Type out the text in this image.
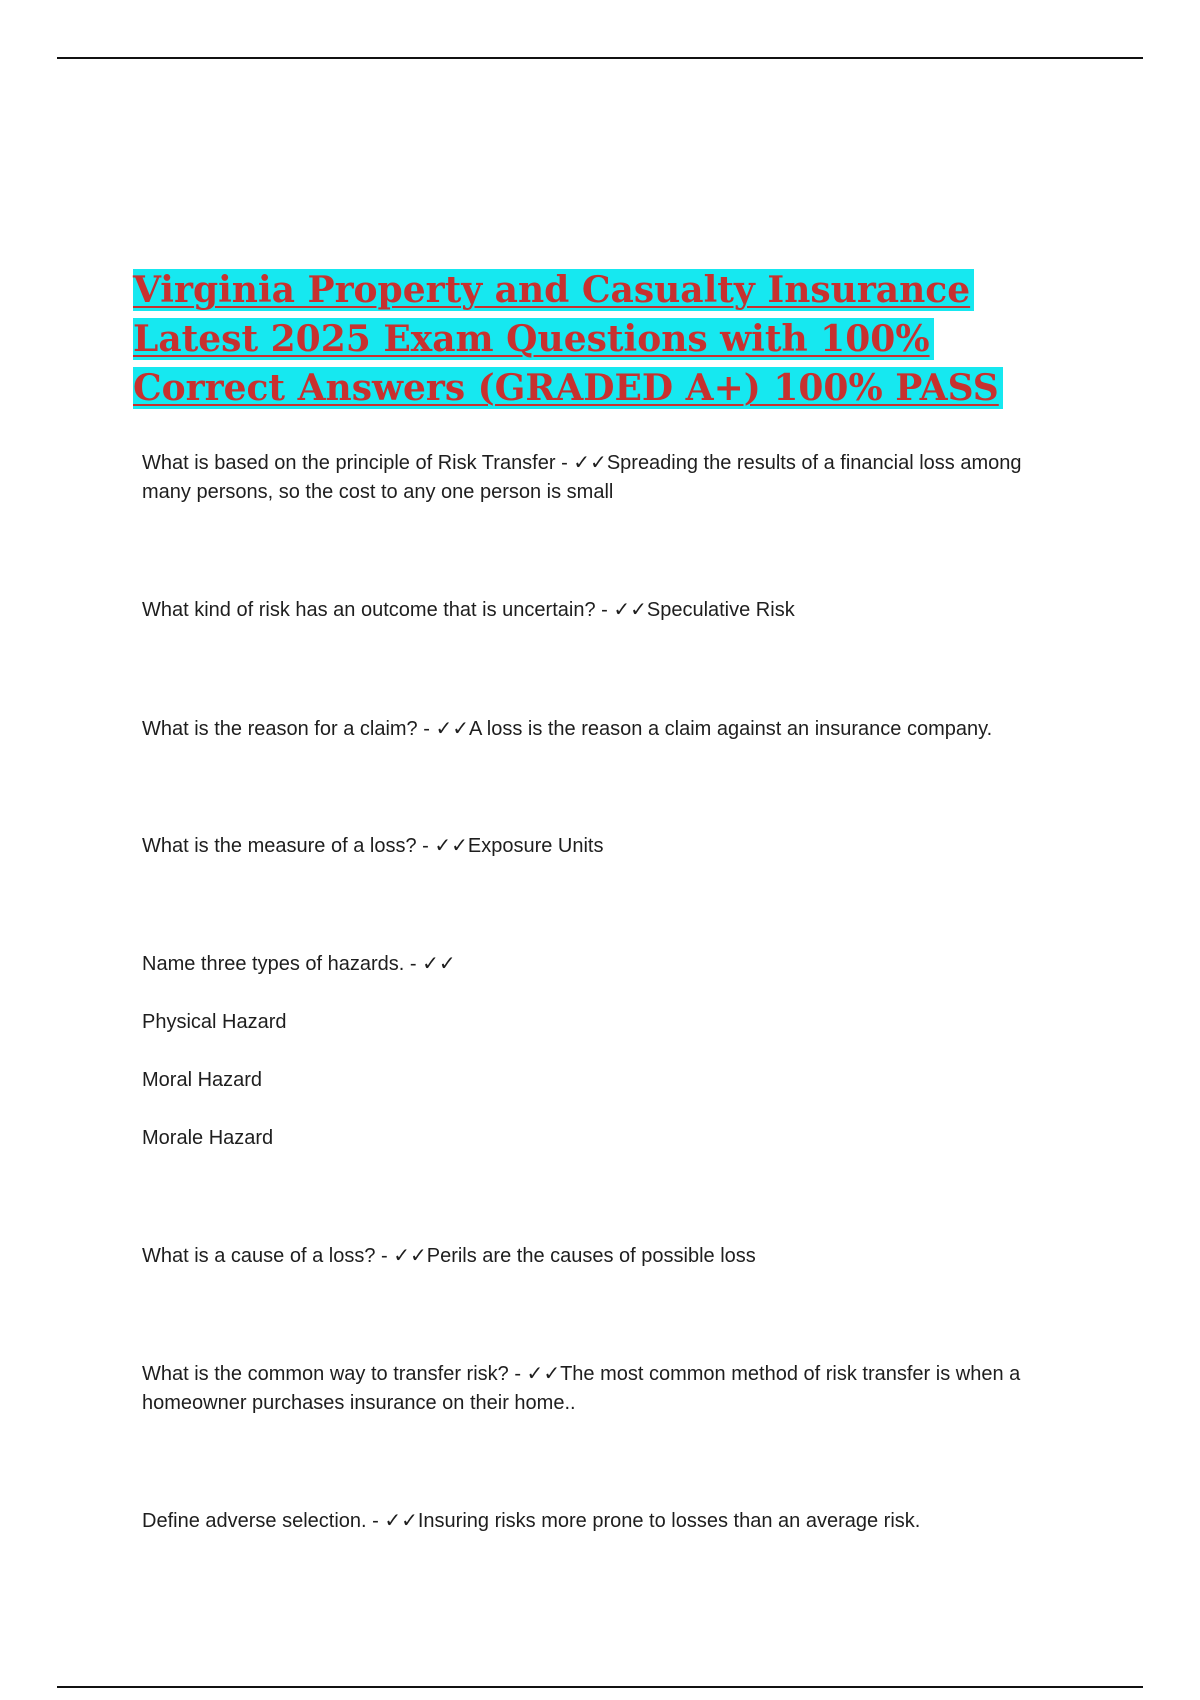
Virginia Property and Casualty Insurance
Latest 2025 Exam Questions with 100%
Correct Answers (GRADED A+) 100% PASS

What is based on the principle of Risk Transfer - ✓✓Spreading the results of a financial loss among many persons, so the cost to any one person is small

What kind of risk has an outcome that is uncertain? - ✓✓Speculative Risk

What is the reason for a claim? - ✓✓A loss is the reason a claim against an insurance company.

What is the measure of a loss? - ✓✓Exposure Units

Name three types of hazards. - ✓✓

Physical Hazard

Moral Hazard

Morale Hazard

What is a cause of a loss? - ✓✓Perils are the causes of possible loss

What is the common way to transfer risk? - ✓✓The most common method of risk transfer is when a homeowner purchases insurance on their home..

Define adverse selection. - ✓✓Insuring risks more prone to losses than an average risk.
